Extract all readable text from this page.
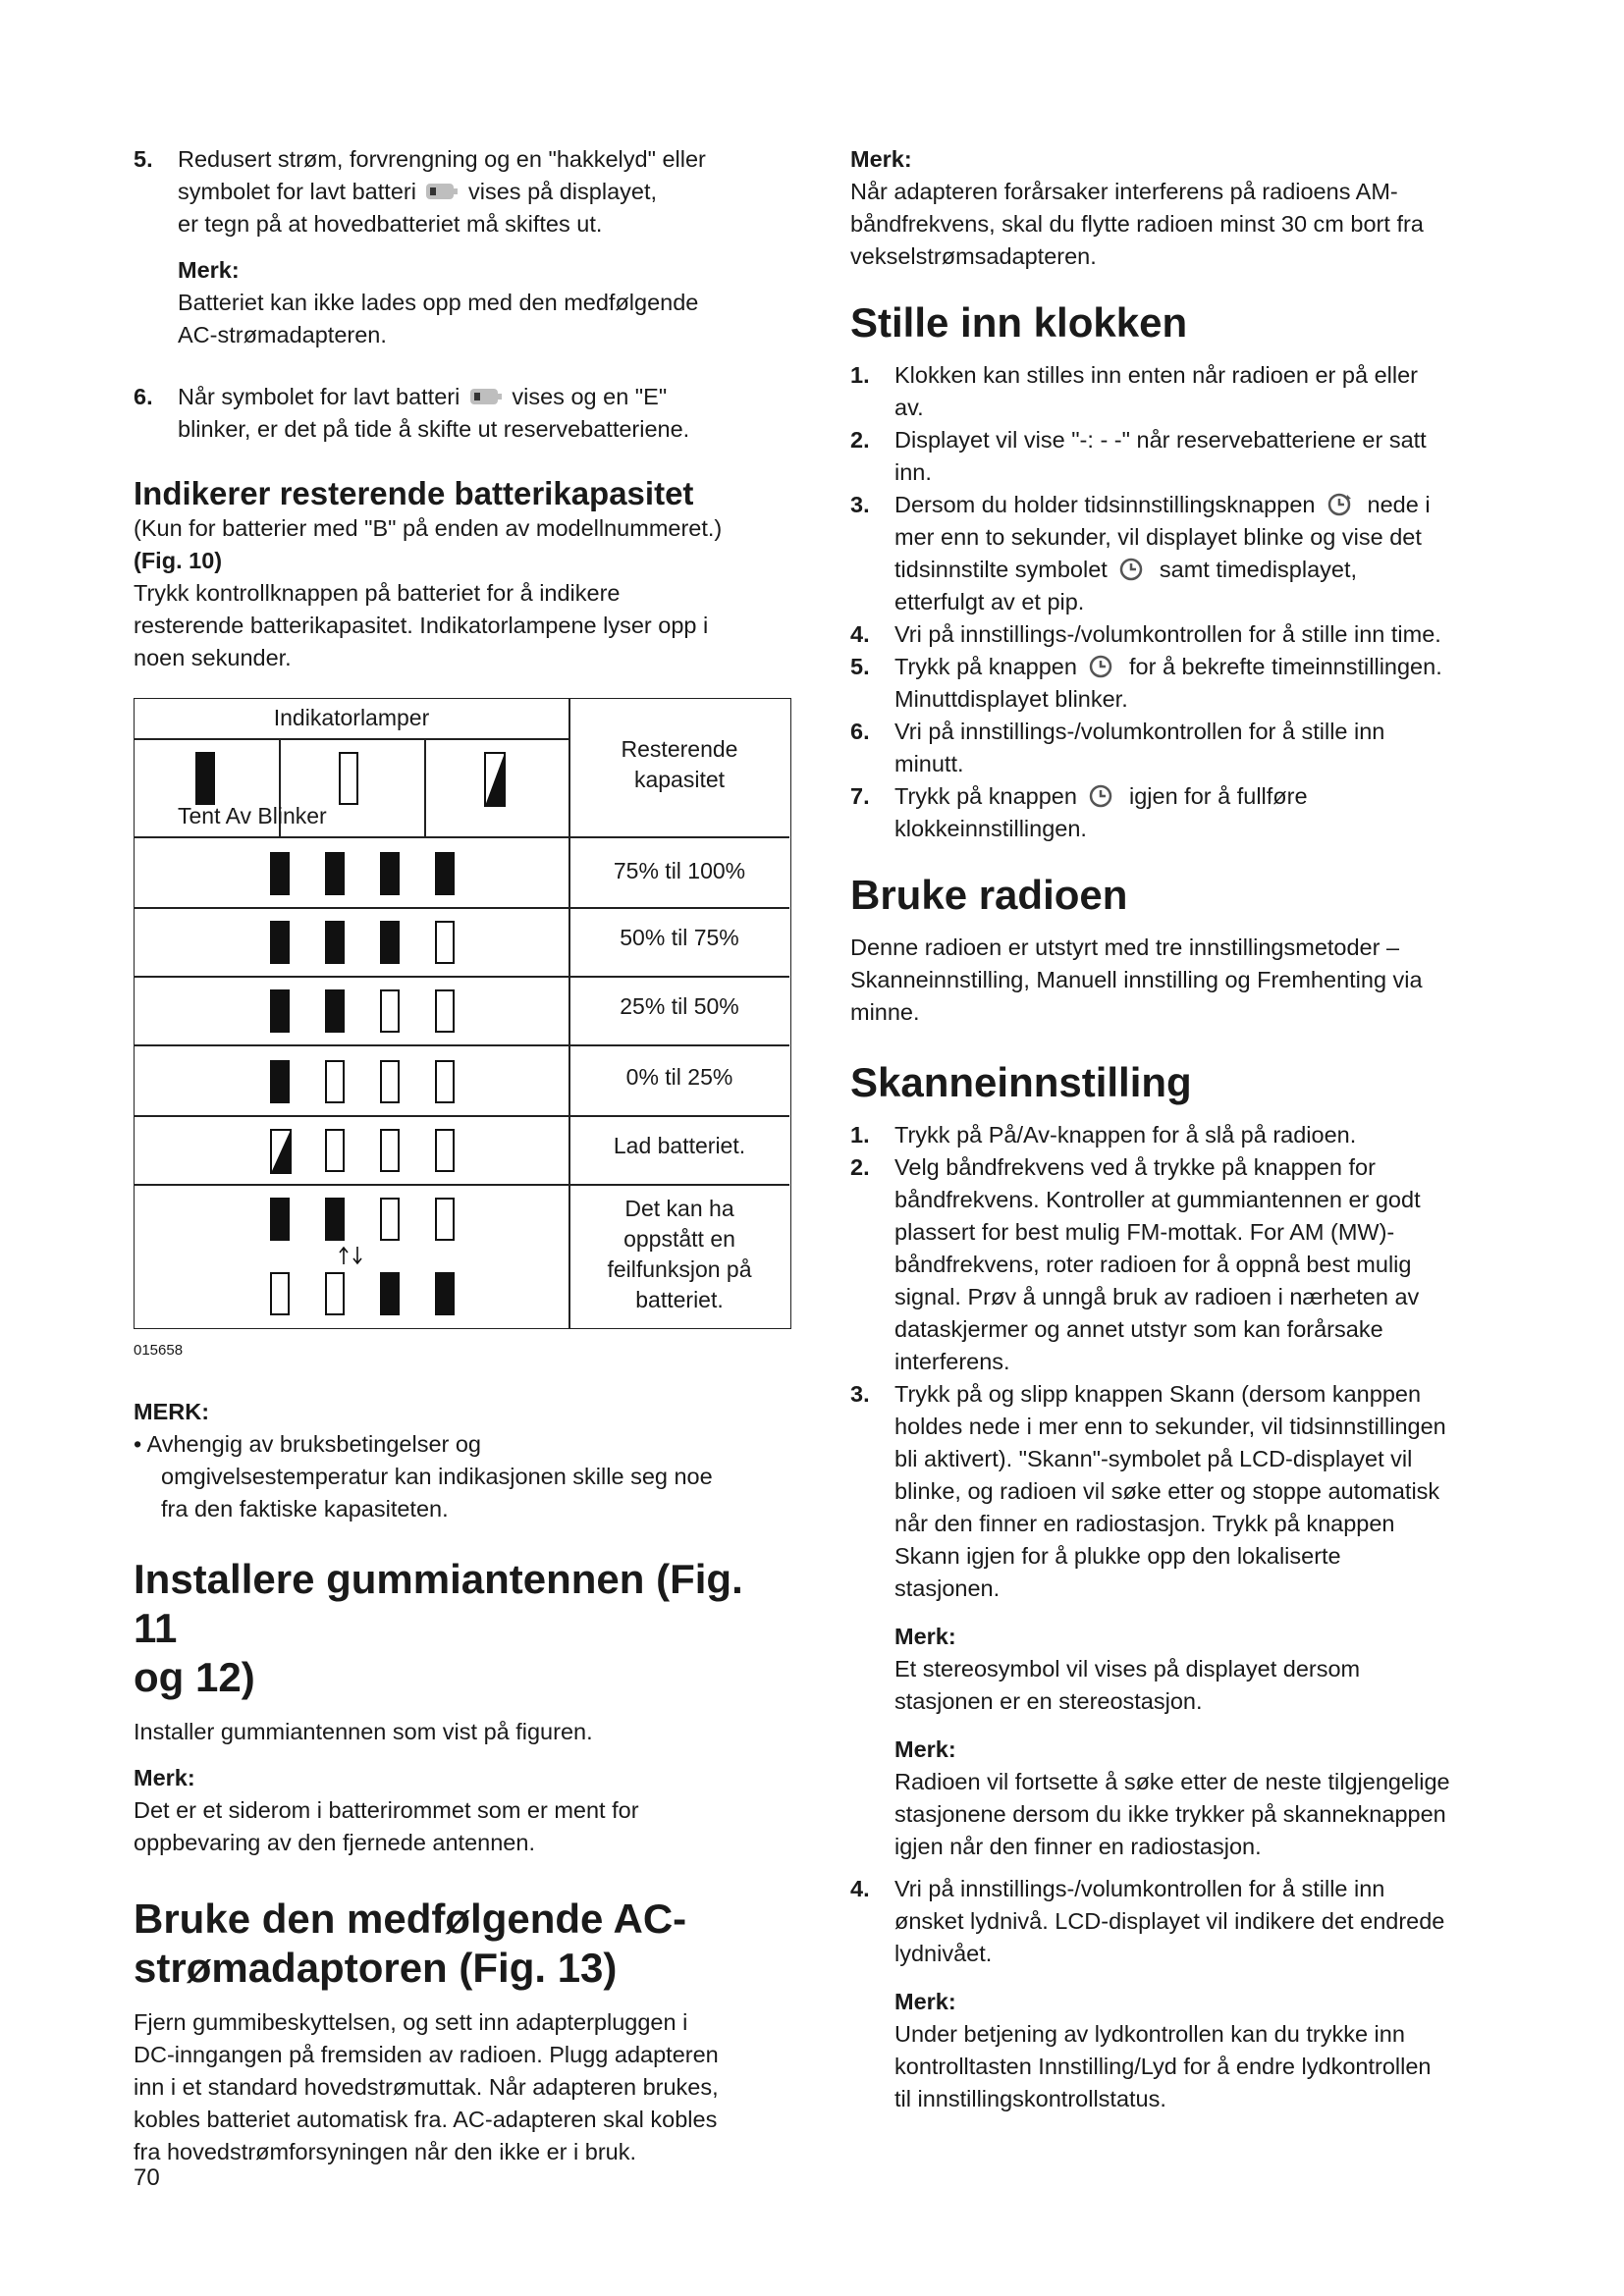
5. Redusert strøm, forvrengning og en "hakkelyd" eller

symbolet for lavt batteri vises på displayet,

er tegn på at hovedbatteriet må skiftes ut.

Merk:

Batteriet kan ikke lades opp med den medfølgende

AC-strømadapteren.

6. Når symbolet for lavt batteri vises og en "E"

blinker, er det på tide å skifte ut reservebatteriene.

Indikerer resterende batterikapasitet

(Kun for batterier med "B" på enden av modellnummeret.)

(Fig. 10)

Trykk kontrollknappen på batteriet for å indikere

resterende batterikapasitet. Indikatorlampene lyser opp i

noen sekunder.

Indikatorlamper
Resterende
kapasitet
Tent Av Blinker
75% til 100%
50% til 75%
25% til 50%
0% til 25%
Lad batteriet.
Det kan ha
oppstått en
feilfunksjon på
batteriet.

015658

MERK:

• Avhengig av bruksbetingelser og

omgivelsestemperatur kan indikasjonen skille seg noe

fra den faktiske kapasiteten.

Installere gummiantennen (Fig. 11

og 12)

Installer gummiantennen som vist på figuren.

Merk:

Det er et siderom i batterirommet som er ment for

oppbevaring av den fjernede antennen.

Bruke den medfølgende AC-

strømadaptoren (Fig. 13)

Fjern gummibeskyttelsen, og sett inn adapterpluggen i

DC-inngangen på fremsiden av radioen. Plugg adapteren

inn i et standard hovedstrømuttak. Når adapteren brukes,

kobles batteriet automatisk fra. AC-adapteren skal kobles

fra hovedstrømforsyningen når den ikke er i bruk.

70

Merk:

Når adapteren forårsaker interferens på radioens AM-

båndfrekvens, skal du flytte radioen minst 30 cm bort fra

vekselstrømsadapteren.

Stille inn klokken

1. Klokken kan stilles inn enten når radioen er på eller

av.

2. Displayet vil vise "-: - -" når reservebatteriene er satt

inn.

3. Dersom du holder tidsinnstillingsknappen nede i

mer enn to sekunder, vil displayet blinke og vise det

tidsinnstilte symbolet samt timedisplayet,

etterfulgt av et pip.

4. Vri på innstillings-/volumkontrollen for å stille inn time.

5. Trykk på knappen for å bekrefte timeinnstillingen.

Minuttdisplayet blinker.

6. Vri på innstillings-/volumkontrollen for å stille inn

minutt.

7. Trykk på knappen igjen for å fullføre

klokkeinnstillingen.

Bruke radioen

Denne radioen er utstyrt med tre innstillingsmetoder –

Skanneinnstilling, Manuell innstilling og Fremhenting via

minne.

Skanneinnstilling

1. Trykk på På/Av-knappen for å slå på radioen.

2. Velg båndfrekvens ved å trykke på knappen for

båndfrekvens. Kontroller at gummiantennen er godt

plassert for best mulig FM-mottak. For AM (MW)-

båndfrekvens, roter radioen for å oppnå best mulig

signal. Prøv å unngå bruk av radioen i nærheten av

dataskjermer og annet utstyr som kan forårsake

interferens.

3. Trykk på og slipp knappen Skann (dersom kanppen

holdes nede i mer enn to sekunder, vil tidsinnstillingen

bli aktivert). "Skann"-symbolet på LCD-displayet vil

blinke, og radioen vil søke etter og stoppe automatisk

når den finner en radiostasjon. Trykk på knappen

Skann igjen for å plukke opp den lokaliserte

stasjonen.

Merk:

Et stereosymbol vil vises på displayet dersom

stasjonen er en stereostasjon.

Merk:

Radioen vil fortsette å søke etter de neste tilgjengelige

stasjonene dersom du ikke trykker på skanneknappen

igjen når den finner en radiostasjon.

4. Vri på innstillings-/volumkontrollen for å stille inn

ønsket lydnivå. LCD-displayet vil indikere det endrede

lydnivået.

Merk:

Under betjening av lydkontrollen kan du trykke inn

kontrolltasten Innstilling/Lyd for å endre lydkontrollen

til innstillingskontrollstatus.
